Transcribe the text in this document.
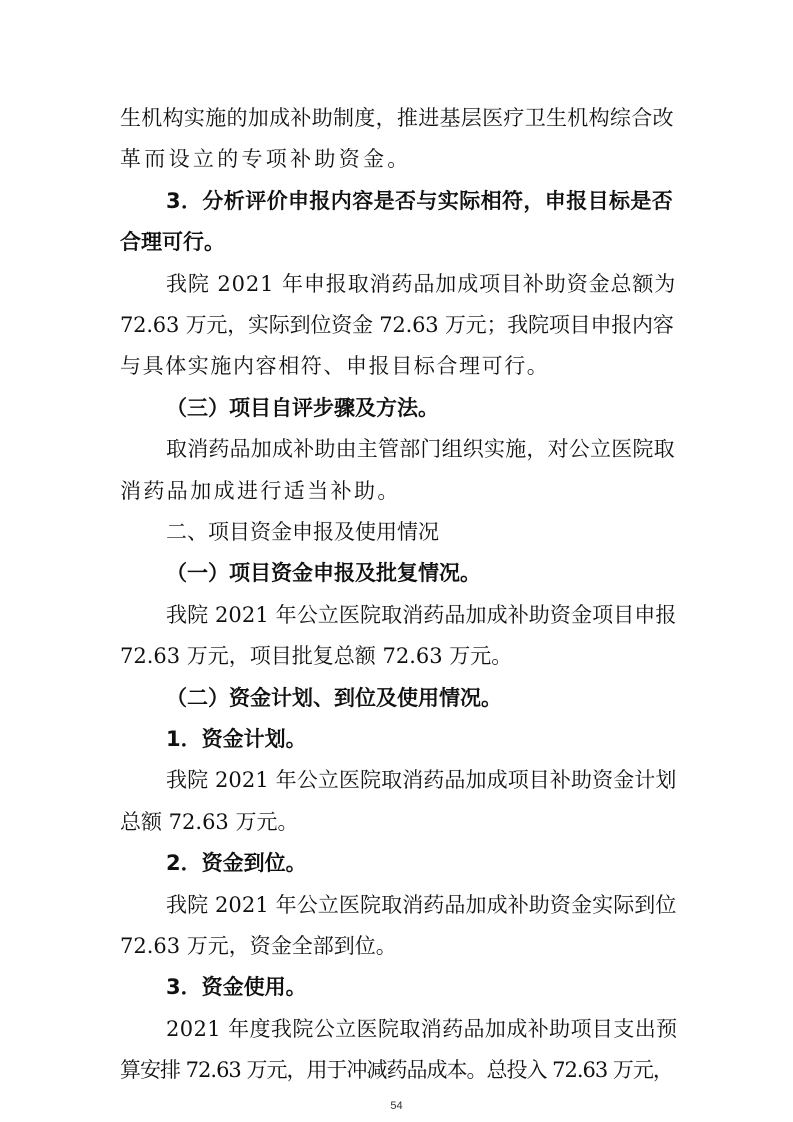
生机构实施的加成补助制度，推进基层医疗卫生机构综合改
革而设立的专项补助资金。
3．分析评价申报内容是否与实际相符，申报目标是否
合理可行。
我院 2021 年申报取消药品加成项目补助资金总额为
72.63 万元，实际到位资金 72.63 万元；我院项目申报内容
与具体实施内容相符、申报目标合理可行。
（三）项目自评步骤及方法。
取消药品加成补助由主管部门组织实施，对公立医院取
消药品加成进行适当补助。
二、项目资金申报及使用情况
（一）项目资金申报及批复情况。
我院 2021 年公立医院取消药品加成补助资金项目申报
72.63 万元，项目批复总额 72.63 万元。
（二）资金计划、到位及使用情况。
1．资金计划。
我院 2021 年公立医院取消药品加成项目补助资金计划
总额 72.63 万元。
2．资金到位。
我院 2021 年公立医院取消药品加成补助资金实际到位
72.63 万元，资金全部到位。
3．资金使用。
2021 年度我院公立医院取消药品加成补助项目支出预
算安排 72.63 万元，用于冲减药品成本。总投入 72.63 万元，
54
